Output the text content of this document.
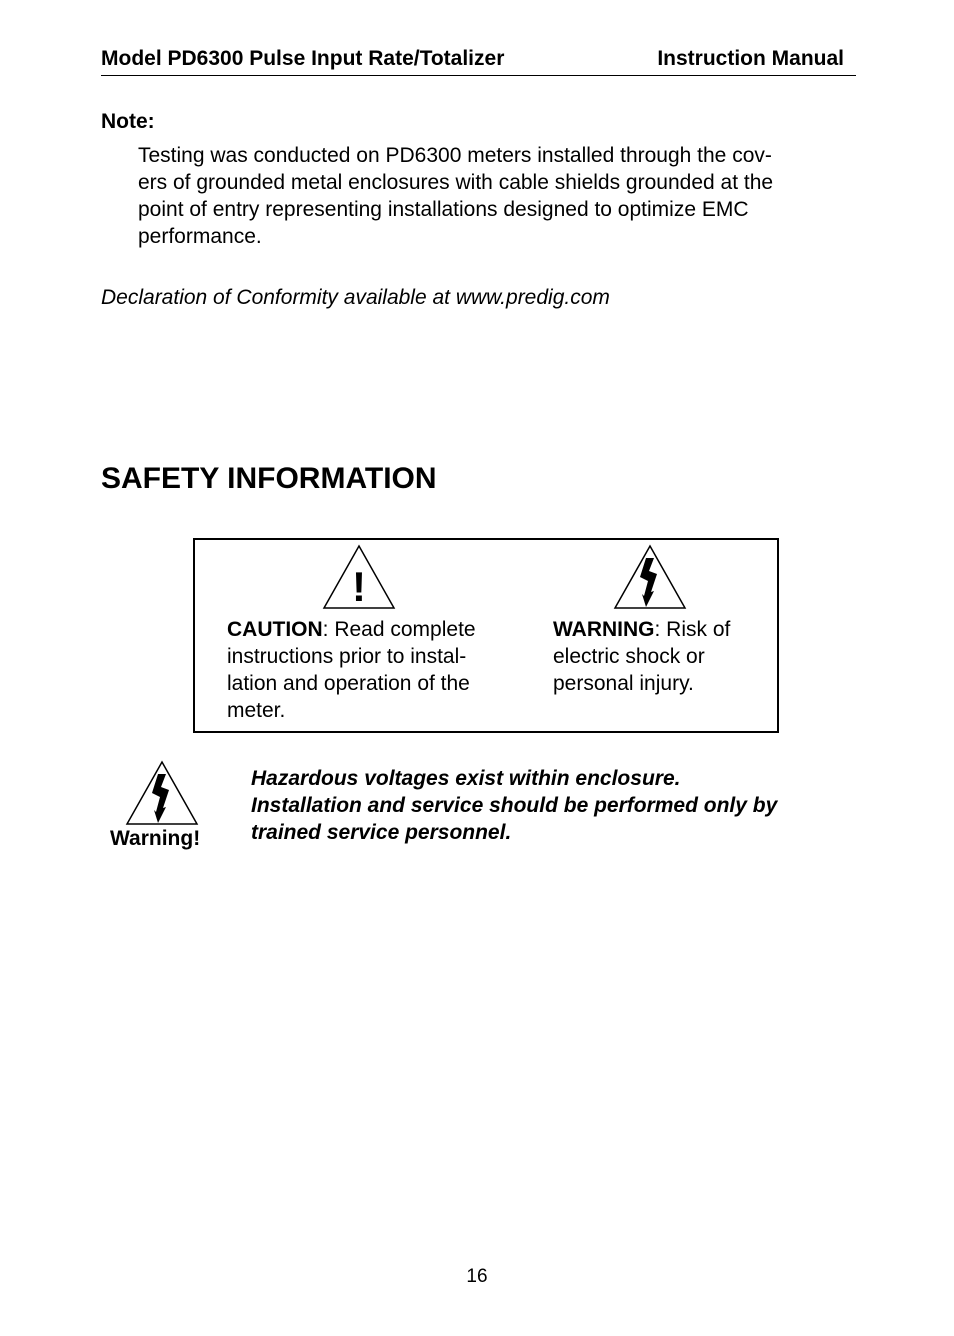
Model PD6300 Pulse Input Rate/Totalizer	Instruction Manual
Note:
Testing was conducted on PD6300 meters installed through the cov-
ers of grounded metal enclosures with cable shields grounded at the
point of entry representing installations designed to optimize EMC
performance.
Declaration of Conformity available at www.predig.com
SAFETY INFORMATION
!
CAUTION: Read complete
instructions prior to instal-
lation and operation of the
meter.
WARNING: Risk of
electric shock or
personal injury.
Warning!
Hazardous voltages exist within enclosure.
Installation and service should be performed only by
trained service personnel.
16
